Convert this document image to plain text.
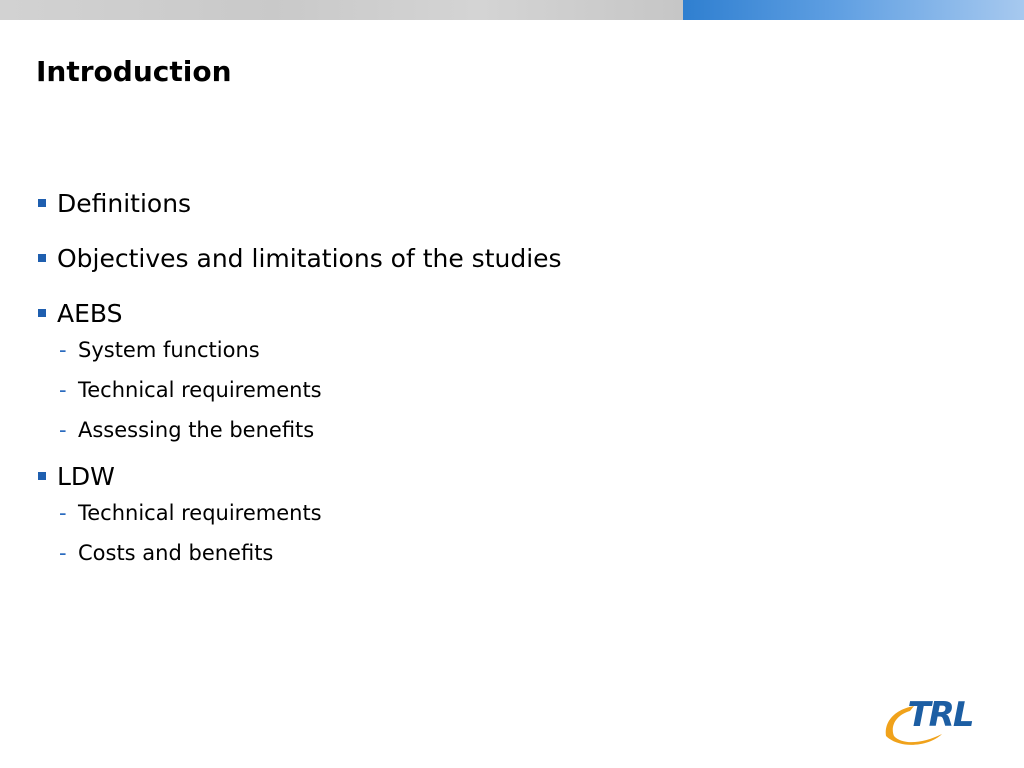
Introduction
Definitions
Objectives and limitations of the studies
AEBS
- System functions
- Technical requirements
- Assessing the benefits
LDW
- Technical requirements
- Costs and benefits
TRL
